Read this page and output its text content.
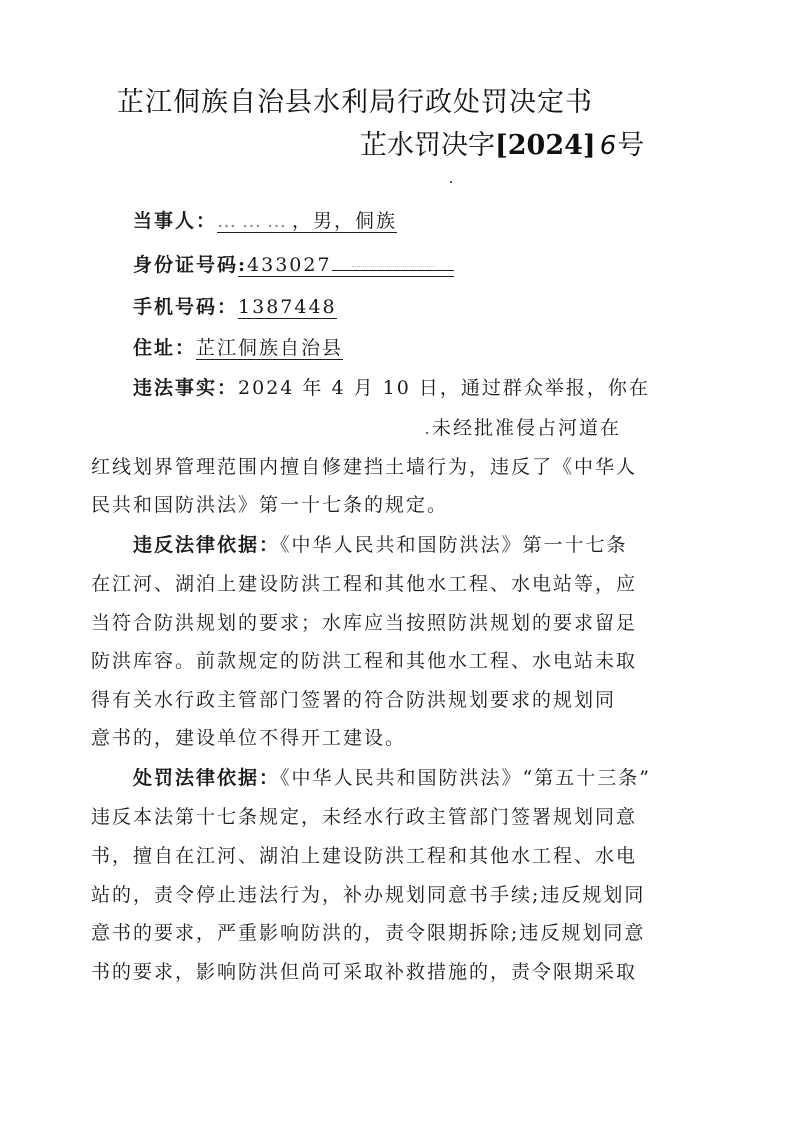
芷江侗族自治县水利局行政处罚决定书
芷水罚决字[2024] 6号
当事人：………，男，侗族
身份证号码:433027
手机号码：1387448
住址：芷江侗族自治县
违法事实：2024 年 4 月 10 日，通过群众举报，你在
.未经批准侵占河道在
红线划界管理范围内擅自修建挡土墙行为，违反了《中华人
民共和国防洪法》第一十七条的规定。
违反法律依据：《中华人民共和国防洪法》第一十七条
在江河、湖泊上建设防洪工程和其他水工程、水电站等，应
当符合防洪规划的要求；水库应当按照防洪规划的要求留足
防洪库容。前款规定的防洪工程和其他水工程、水电站未取
得有关水行政主管部门签署的符合防洪规划要求的规划同
意书的，建设单位不得开工建设。
处罚法律依据：《中华人民共和国防洪法》“第五十三条”
违反本法第十七条规定，未经水行政主管部门签署规划同意
书，擅自在江河、湖泊上建设防洪工程和其他水工程、水电
站的，责令停止违法行为，补办规划同意书手续;违反规划同
意书的要求，严重影响防洪的，责令限期拆除;违反规划同意
书的要求，影响防洪但尚可采取补救措施的，责令限期采取
